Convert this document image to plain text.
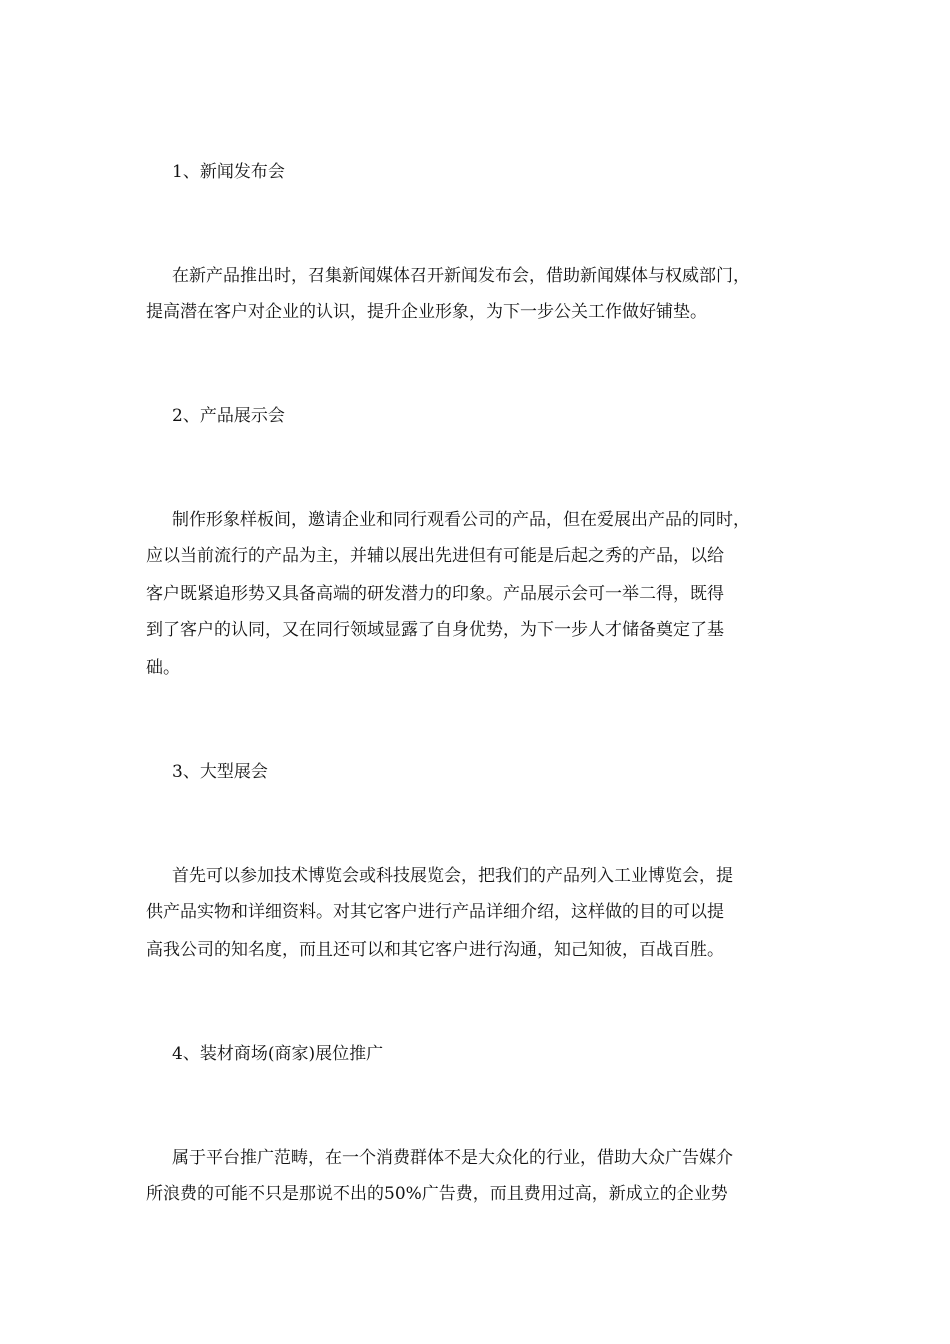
1、新闻发布会

在新产品推出时，召集新闻媒体召开新闻发布会，借助新闻媒体与权威部门，

提高潜在客户对企业的认识，提升企业形象，为下一步公关工作做好铺垫。

2、产品展示会

制作形象样板间，邀请企业和同行观看公司的产品，但在爱展出产品的同时，

应以当前流行的产品为主，并辅以展出先进但有可能是后起之秀的产品，以给

客户既紧追形势又具备高端的研发潜力的印象。产品展示会可一举二得，既得

到了客户的认同，又在同行领域显露了自身优势，为下一步人才储备奠定了基

础。

3、大型展会

首先可以参加技术博览会或科技展览会，把我们的产品列入工业博览会，提

供产品实物和详细资料。对其它客户进行产品详细介绍，这样做的目的可以提

高我公司的知名度，而且还可以和其它客户进行沟通，知己知彼，百战百胜。

4、装材商场(商家)展位推广

属于平台推广范畴，在一个消费群体不是大众化的行业，借助大众广告媒介

所浪费的可能不只是那说不出的50%广告费，而且费用过高，新成立的企业势
